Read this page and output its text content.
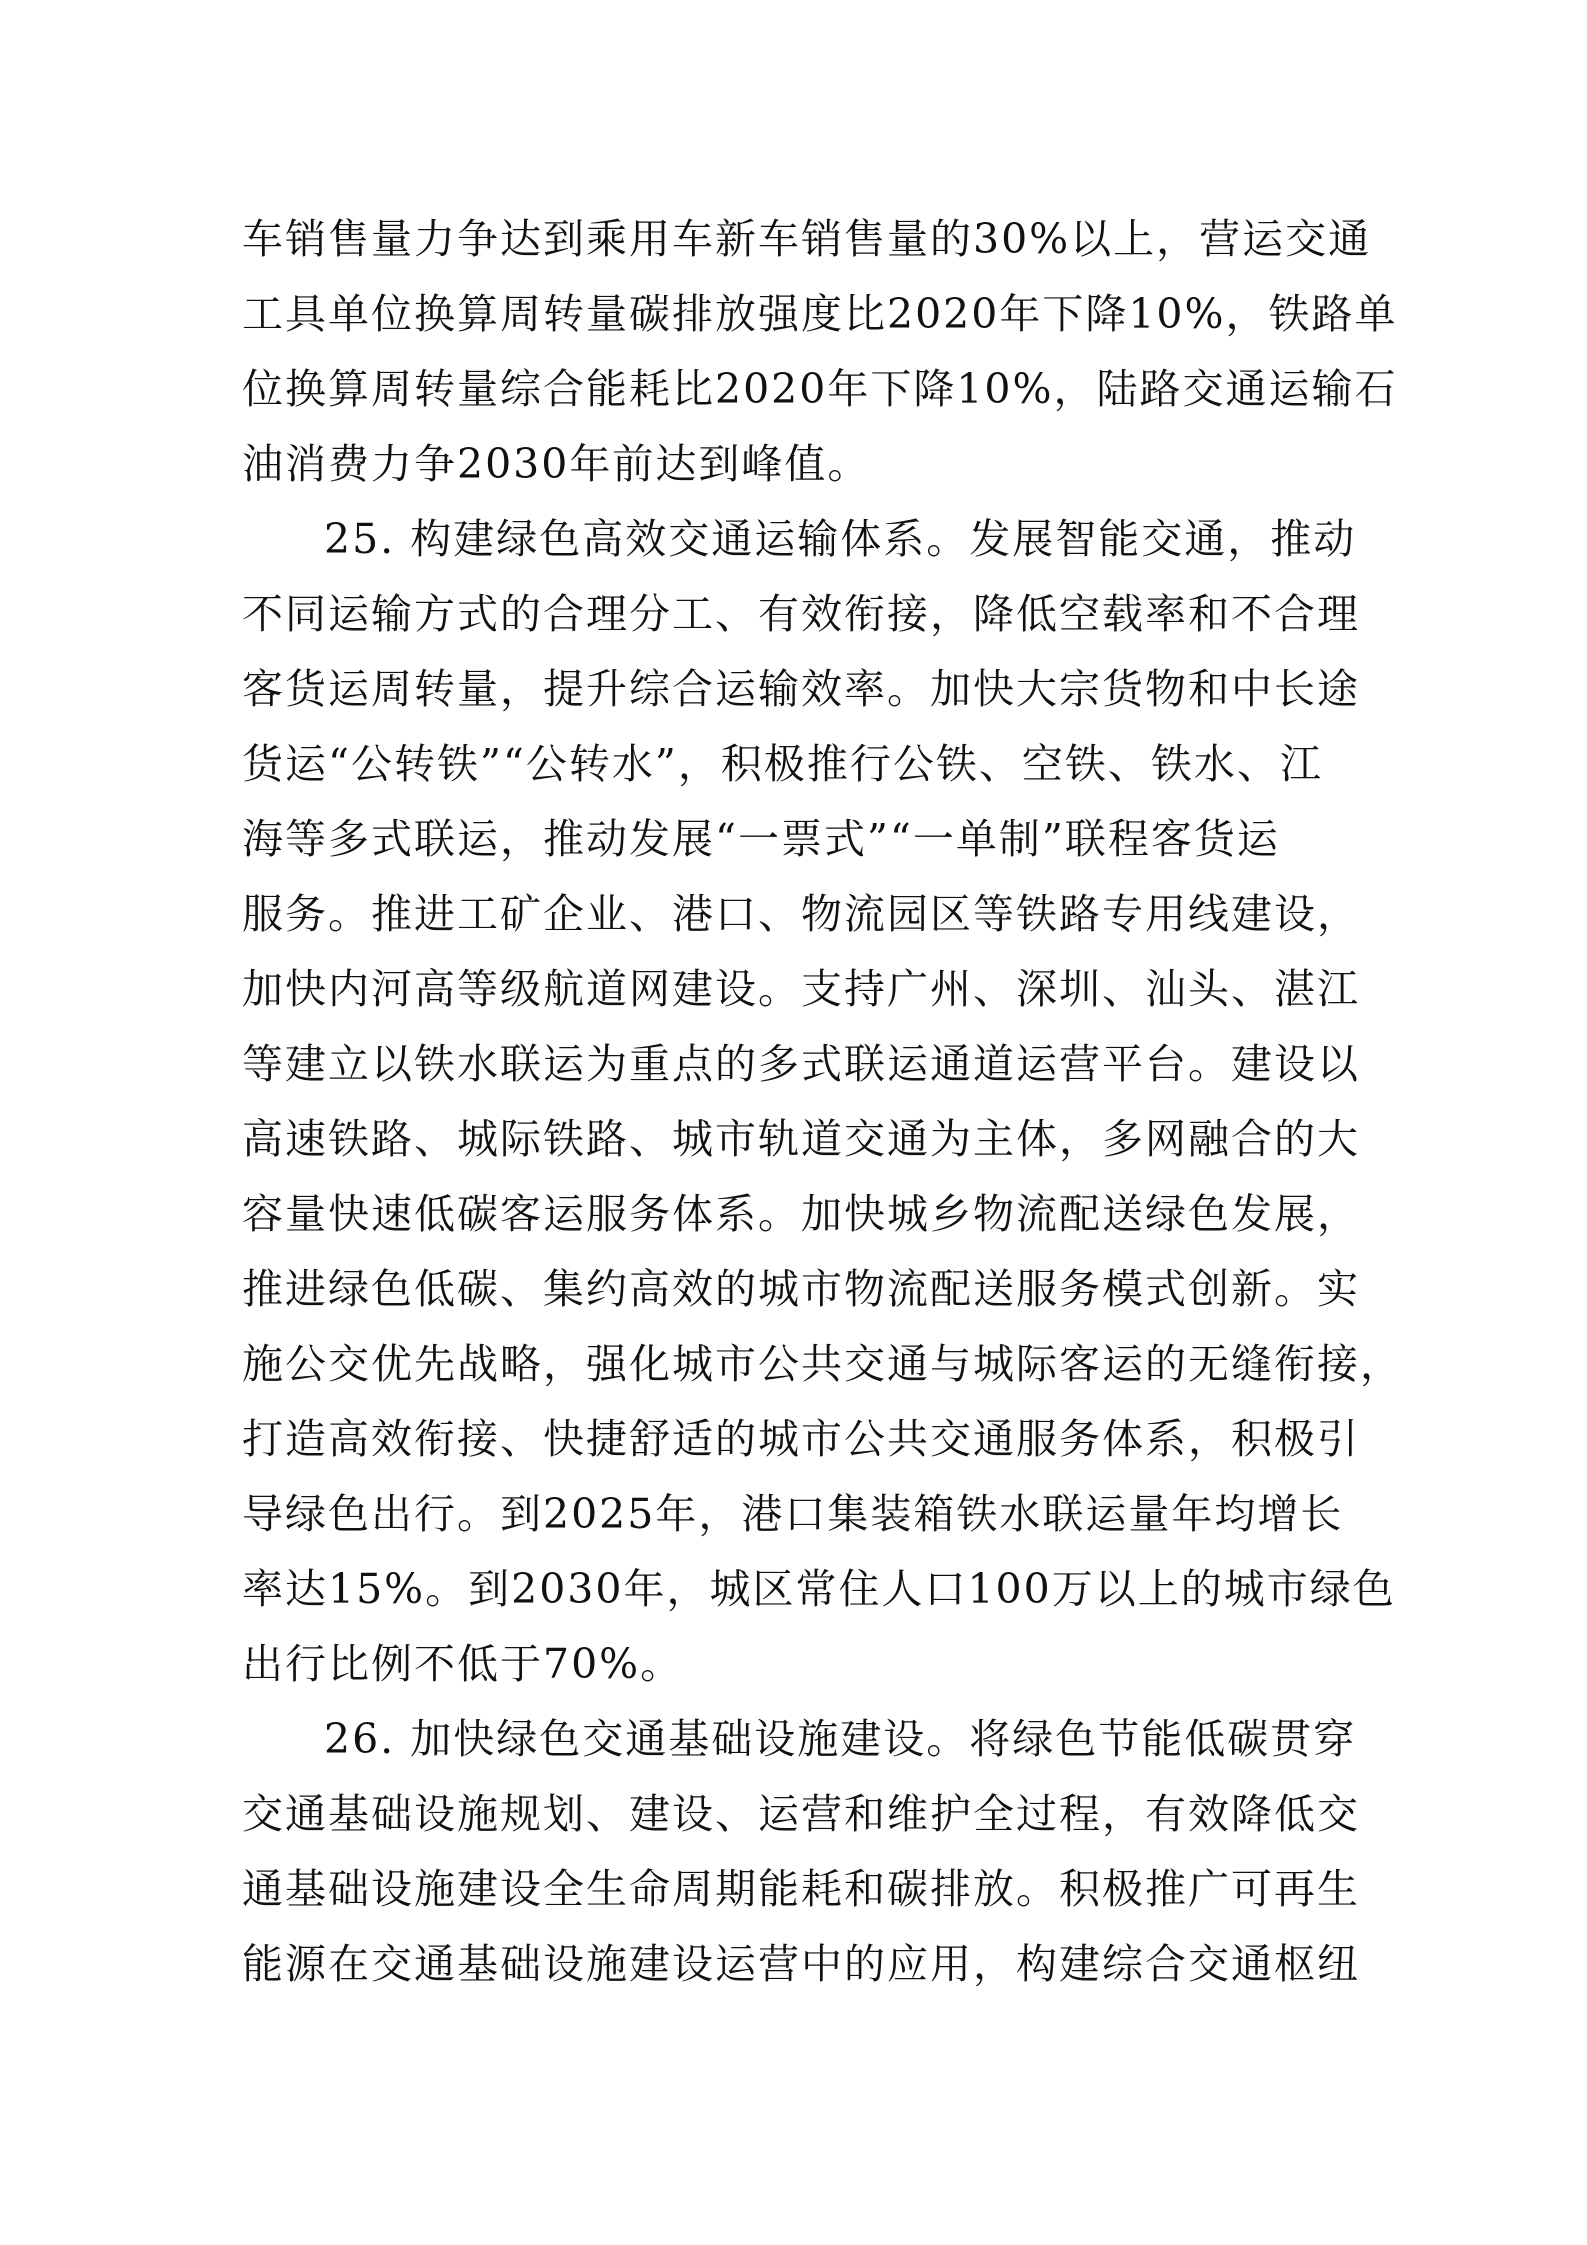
车销售量力争达到乘用车新车销售量的30%以上，营运交通
工具单位换算周转量碳排放强度比2020年下降10%，铁路单
位换算周转量综合能耗比2020年下降10%，陆路交通运输石
油消费力争2030年前达到峰值。
25. 构建绿色高效交通运输体系。发展智能交通，推动
不同运输方式的合理分工、有效衔接，降低空载率和不合理
客货运周转量，提升综合运输效率。加快大宗货物和中长途
货运“公转铁”“公转水”，积极推行公铁、空铁、铁水、江
海等多式联运，推动发展“一票式”“一单制”联程客货运
服务。推进工矿企业、港口、物流园区等铁路专用线建设，
加快内河高等级航道网建设。支持广州、深圳、汕头、湛江
等建立以铁水联运为重点的多式联运通道运营平台。建设以
高速铁路、城际铁路、城市轨道交通为主体，多网融合的大
容量快速低碳客运服务体系。加快城乡物流配送绿色发展，
推进绿色低碳、集约高效的城市物流配送服务模式创新。实
施公交优先战略，强化城市公共交通与城际客运的无缝衔接，
打造高效衔接、快捷舒适的城市公共交通服务体系，积极引
导绿色出行。到2025年，港口集装箱铁水联运量年均增长
率达15%。到2030年，城区常住人口100万以上的城市绿色
出行比例不低于70%。
26. 加快绿色交通基础设施建设。将绿色节能低碳贯穿
交通基础设施规划、建设、运营和维护全过程，有效降低交
通基础设施建设全生命周期能耗和碳排放。积极推广可再生
能源在交通基础设施建设运营中的应用，构建综合交通枢纽
